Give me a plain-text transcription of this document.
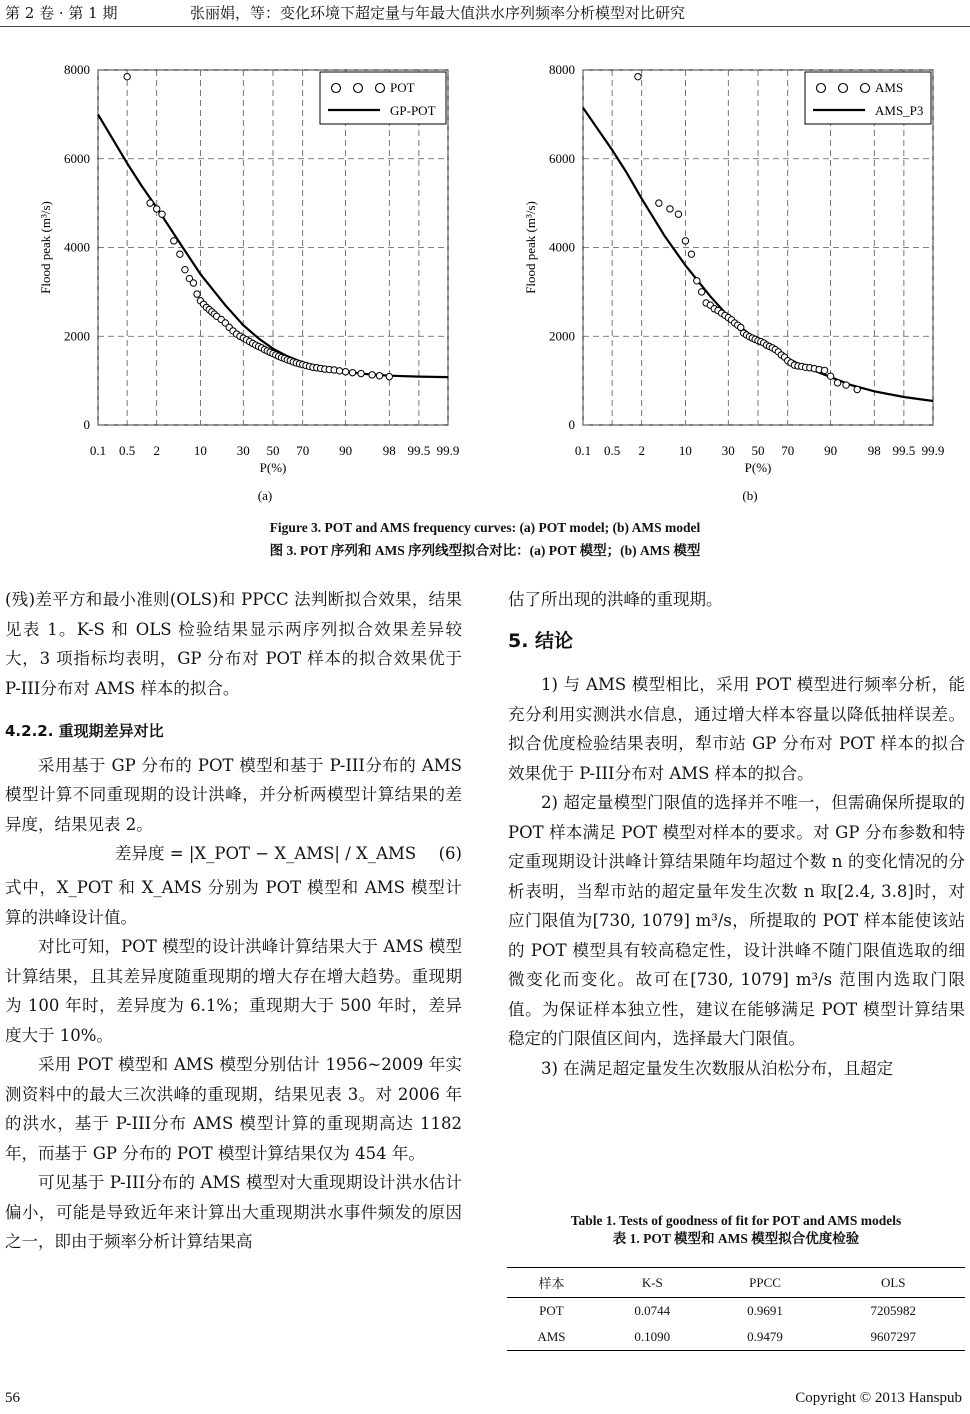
第 2 卷 · 第 1 期	张丽娟，等：变化环境下超定量与年最大值洪水序列频率分析模型对比研究
0.1 0.5 2	10 30 50 70 90 98 99.5 99.9
0
2000
4000
6000
8000
P(%)
Flood peak (m³/s)
(a)
POT
GP-POT
0.1 0.5 2	10 30 50 70 90 98 99.5 99.9
0
2000
4000
6000
8000
P(%)
Flood peak (m³/s)
(b)
AMS
AMS_P3
Figure 3. POT and AMS frequency curves: (a) POT model; (b) AMS model
图 3. POT 序列和 AMS 序列线型拟合对比：(a) POT 模型；(b) AMS 模型

(残)差平方和最小准则(OLS)和 PPCC 法判断拟合效果，结果见表 1。K-S 和 OLS 检验结果显示两序列拟合效果差异较大，3 项指标均表明，GP 分布对 POT 样本的拟合效果优于 P-III分布对 AMS 样本的拟合。

4.2.2. 重现期差异对比

采用基于 GP 分布的 POT 模型和基于 P-III分布的 AMS 模型计算不同重现期的设计洪峰，并分析两模型计算结果的差异度，结果见表 2。

差异度 = |X_POT − X_AMS| / X_AMS (6)

式中，X_POT 和 X_AMS 分别为 POT 模型和 AMS 模型计算的洪峰设计值。

对比可知，POT 模型的设计洪峰计算结果大于 AMS 模型计算结果，且其差异度随重现期的增大存在增大趋势。重现期为 100 年时，差异度为 6.1%；重现期大于 500 年时，差异度大于 10%。

采用 POT 模型和 AMS 模型分别估计 1956~2009 年实测资料中的最大三次洪峰的重现期，结果见表 3。对 2006 年的洪水，基于 P-III分布 AMS 模型计算的重现期高达 1182 年，而基于 GP 分布的 POT 模型计算结果仅为 454 年。

可见基于 P-III分布的 AMS 模型对大重现期设计洪水估计偏小，可能是导致近年来计算出大重现期洪水事件频发的原因之一，即由于频率分析计算结果高

估了所出现的洪峰的重现期。

5. 结论

1) 与 AMS 模型相比，采用 POT 模型进行频率分析，能充分利用实测洪水信息，通过增大样本容量以降低抽样误差。拟合优度检验结果表明，犁市站 GP 分布对 POT 样本的拟合效果优于 P-III分布对 AMS 样本的拟合。

2) 超定量模型门限值的选择并不唯一，但需确保所提取的 POT 样本满足 POT 模型对样本的要求。对 GP 分布参数和特定重现期设计洪峰计算结果随年均超过个数 n 的变化情况的分析表明，当犁市站的超定量年发生次数 n 取[2.4, 3.8]时，对应门限值为[730, 1079] m³/s，所提取的 POT 样本能使该站的 POT 模型具有较高稳定性，设计洪峰不随门限值选取的细微变化而变化。故可在[730, 1079] m³/s 范围内选取门限值。为保证样本独立性，建议在能够满足 POT 模型计算结果稳定的门限值区间内，选择最大门限值。

3) 在满足超定量发生次数服从泊松分布，且超定

Table 1. Tests of goodness of fit for POT and AMS models
表 1. POT 模型和 AMS 模型拟合优度检验
样本	K-S	PPCC	OLS
POT	0.0744	0.9691	7205982
AMS	0.1090	0.9479	9607297
56	Copyright © 2013 Hanspub
